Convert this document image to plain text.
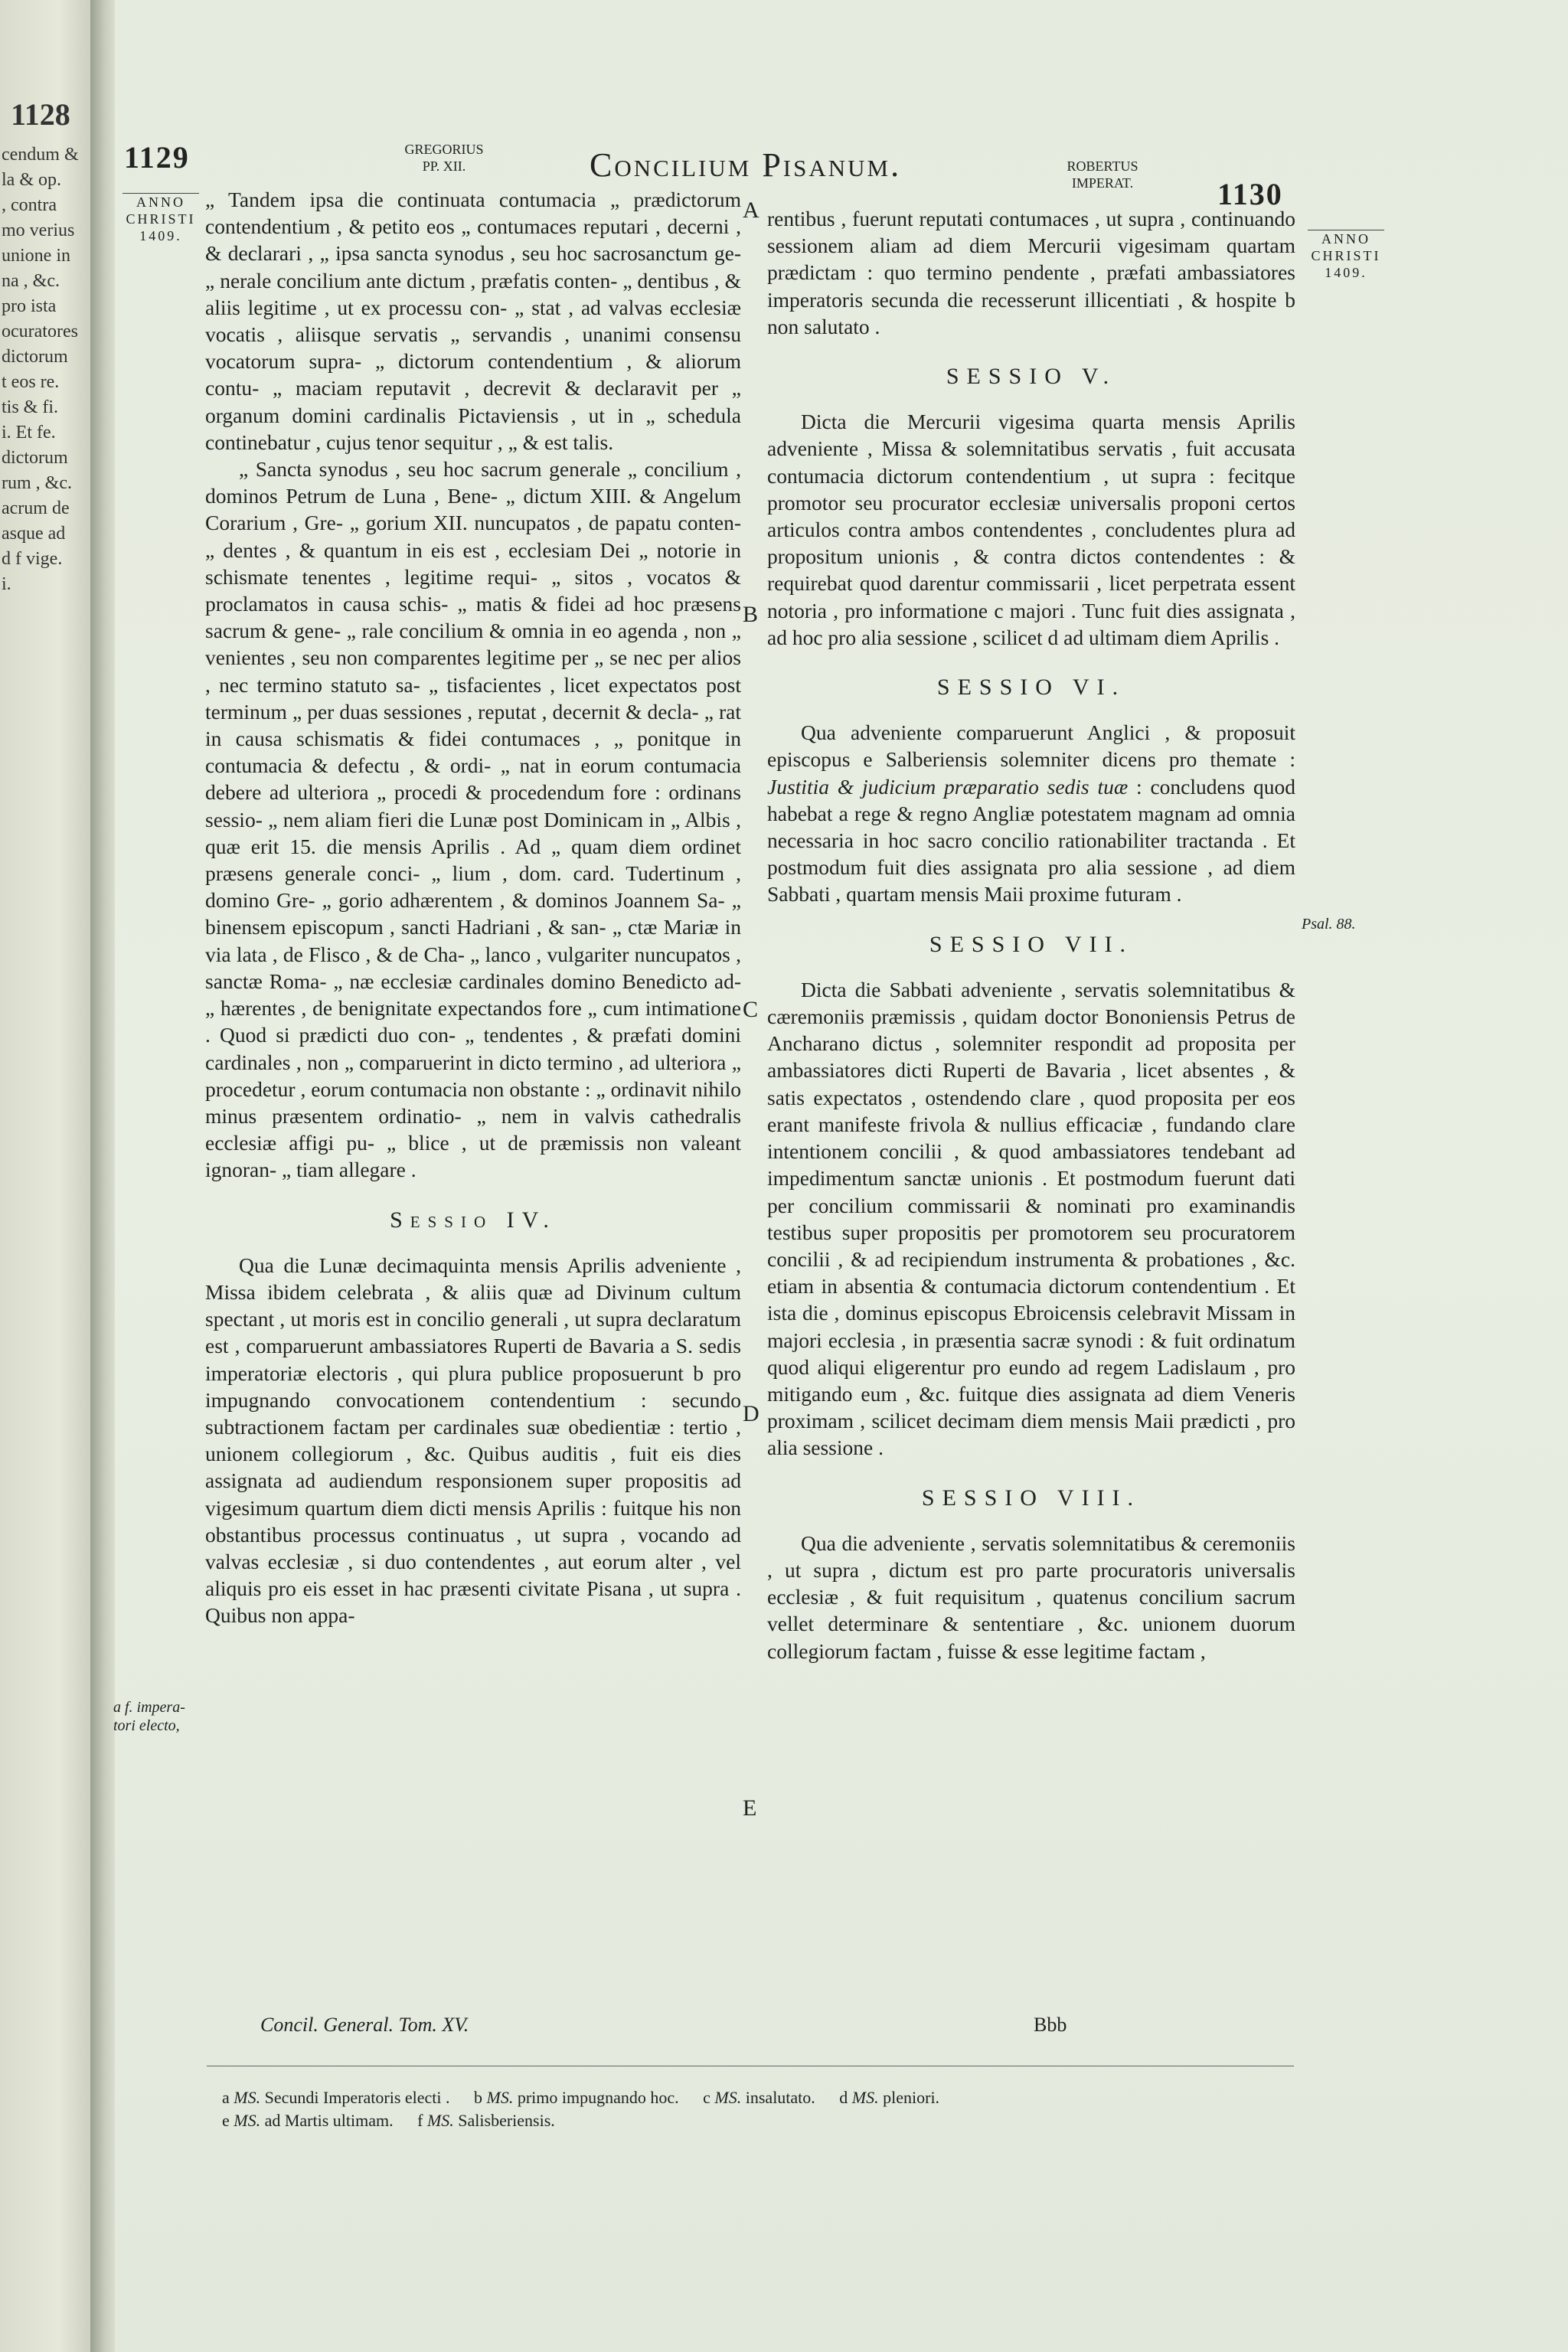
1128
cendum &
la & op.
, contra
mo verius
unione in
na , &c.
pro ista
ocuratores
dictorum
t eos re.
tis & fi.
i. Et fe.
dictorum
rum , &c.
acrum de
asque ad
d f vige.
i.
1129	GREGORIUS
PP. XII.	Concilium Pisanum.	ROBERTUS
IMPERAT.	1130
ANNO
CHRISTI
1409.	ANNO
CHRISTI
1409.
A
B
C
D
E
a f. impera- tori electo,
Psal. 88.

„ Tandem ipsa die continuata contumacia „ prædictorum contendentium , & petito eos „ contumaces reputari , decerni , & declarari , „ ipsa sancta synodus , seu hoc sacrosanctum ge- „ nerale concilium ante dictum , præfatis conten- „ dentibus , & aliis legitime , ut ex processu con- „ stat , ad valvas ecclesiæ vocatis , aliisque servatis „ servandis , unanimi consensu vocatorum supra- „ dictorum contendentium , & aliorum contu- „ maciam reputavit , decrevit & declaravit per „ organum domini cardinalis Pictaviensis , ut in „ schedula continebatur , cujus tenor sequitur , „ & est talis.

„ Sancta synodus , seu hoc sacrum generale „ concilium , dominos Petrum de Luna , Bene- „ dictum XIII. & Angelum Corarium , Gre- „ gorium XII. nuncupatos , de papatu conten- „ dentes , & quantum in eis est , ecclesiam Dei „ notorie in schismate tenentes , legitime requi- „ sitos , vocatos & proclamatos in causa schis- „ matis & fidei ad hoc præsens sacrum & gene- „ rale concilium & omnia in eo agenda , non „ venientes , seu non comparentes legitime per „ se nec per alios , nec termino statuto sa- „ tisfacientes , licet expectatos post terminum „ per duas sessiones , reputat , decernit & decla- „ rat in causa schismatis & fidei contumaces , „ ponitque in contumacia & defectu , & ordi- „ nat in eorum contumacia debere ad ulteriora „ procedi & procedendum fore : ordinans sessio- „ nem aliam fieri die Lunæ post Dominicam in „ Albis , quæ erit 15. die mensis Aprilis . Ad „ quam diem ordinet præsens generale conci- „ lium , dom. card. Tudertinum , domino Gre- „ gorio adhærentem , & dominos Joannem Sa- „ binensem episcopum , sancti Hadriani , & san- „ ctæ Mariæ in via lata , de Flisco , & de Cha- „ lanco , vulgariter nuncupatos , sanctæ Roma- „ næ ecclesiæ cardinales domino Benedicto ad- „ hærentes , de benignitate expectandos fore „ cum intimatione . Quod si prædicti duo con- „ tendentes , & præfati domini cardinales , non „ comparuerint in dicto termino , ad ulteriora „ procedetur , eorum contumacia non obstante : „ ordinavit nihilo minus præsentem ordinatio- „ nem in valvis cathedralis ecclesiæ affigi pu- „ blice , ut de præmissis non valeant ignoran- „ tiam allegare .

Sessio IV.

Qua die Lunæ decimaquinta mensis Aprilis adveniente , Missa ibidem celebrata , & aliis quæ ad Divinum cultum spectant , ut moris est in concilio generali , ut supra declaratum est , comparuerunt ambassiatores Ruperti de Bavaria a S. sedis imperatoriæ electoris , qui plura publice proposuerunt b pro impugnando convocationem contendentium : secundo subtractionem factam per cardinales suæ obedientiæ : tertio , unionem collegiorum , &c. Quibus auditis , fuit eis dies assignata ad audiendum responsionem super propositis ad vigesimum quartum diem dicti mensis Aprilis : fuitque his non obstantibus processus continuatus , ut supra , vocando ad valvas ecclesiæ , si duo contendentes , aut eorum alter , vel aliquis pro eis esset in hac præsenti civitate Pisana , ut supra . Quibus non appa-

Concil. General. Tom. XV.	Bbb

rentibus , fuerunt reputati contumaces , ut supra , continuando sessionem aliam ad diem Mercurii vigesimam quartam prædictam : quo termino pendente , præfati ambassiatores imperatoris secunda die recesserunt illicentiati , & hospite b non salutato .

SESSIO V.

Dicta die Mercurii vigesima quarta mensis Aprilis adveniente , Missa & solemnitatibus servatis , fuit accusata contumacia dictorum contendentium , ut supra : fecitque promotor seu procurator ecclesiæ universalis proponi certos articulos contra ambos contendentes , concludentes plura ad propositum unionis , & contra dictos contendentes : & requirebat quod darentur commissarii , licet perpetrata essent notoria , pro informatione c majori . Tunc fuit dies assignata , ad hoc pro alia sessione , scilicet d ad ultimam diem Aprilis .

SESSIO VI.

Qua adveniente comparuerunt Anglici , & proposuit episcopus e Salberiensis solemniter dicens pro themate : Justitia & judicium præparatio sedis tuæ : concludens quod habebat a rege & regno Angliæ potestatem magnam ad omnia necessaria in hoc sacro concilio rationabiliter tractanda . Et postmodum fuit dies assignata pro alia sessione , ad diem Sabbati , quartam mensis Maii proxime futuram .

SESSIO VII.

Dicta die Sabbati adveniente , servatis solemnitatibus & cæremoniis præmissis , quidam doctor Bononiensis Petrus de Ancharano dictus , solemniter respondit ad proposita per ambassiatores dicti Ruperti de Bavaria , licet absentes , & satis expectatos , ostendendo clare , quod proposita per eos erant manifeste frivola & nullius efficaciæ , fundando clare intentionem concilii , & quod ambassiatores tendebant ad impedimentum sanctæ unionis . Et postmodum fuerunt dati per concilium commissarii & nominati pro examinandis testibus super propositis per promotorem seu procuratorem concilii , & ad recipiendum instrumenta & probationes , &c. etiam in absentia & contumacia dictorum contendentium . Et ista die , dominus episcopus Ebroicensis celebravit Missam in majori ecclesia , in præsentia sacræ synodi : & fuit ordinatum quod aliqui eligerentur pro eundo ad regem Ladislaum , pro mitigando eum , &c. fuitque dies assignata ad diem Veneris proximam , scilicet decimam diem mensis Maii prædicti , pro alia sessione .

SESSIO VIII.

Qua die adveniente , servatis solemnitatibus & ceremoniis , ut supra , dictum est pro parte procuratoris universalis ecclesiæ , & fuit requisitum , quatenus concilium sacrum vellet determinare & sententiare , &c. unionem duorum collegiorum factam , fuisse & esse legitime factam ,

a MS. Secundi Imperatoris electi . b MS. primo impugnando hoc. c MS. insalutato. d MS. pleniori.
e MS. ad Martis ultimam. f MS. Salisberiensis.
